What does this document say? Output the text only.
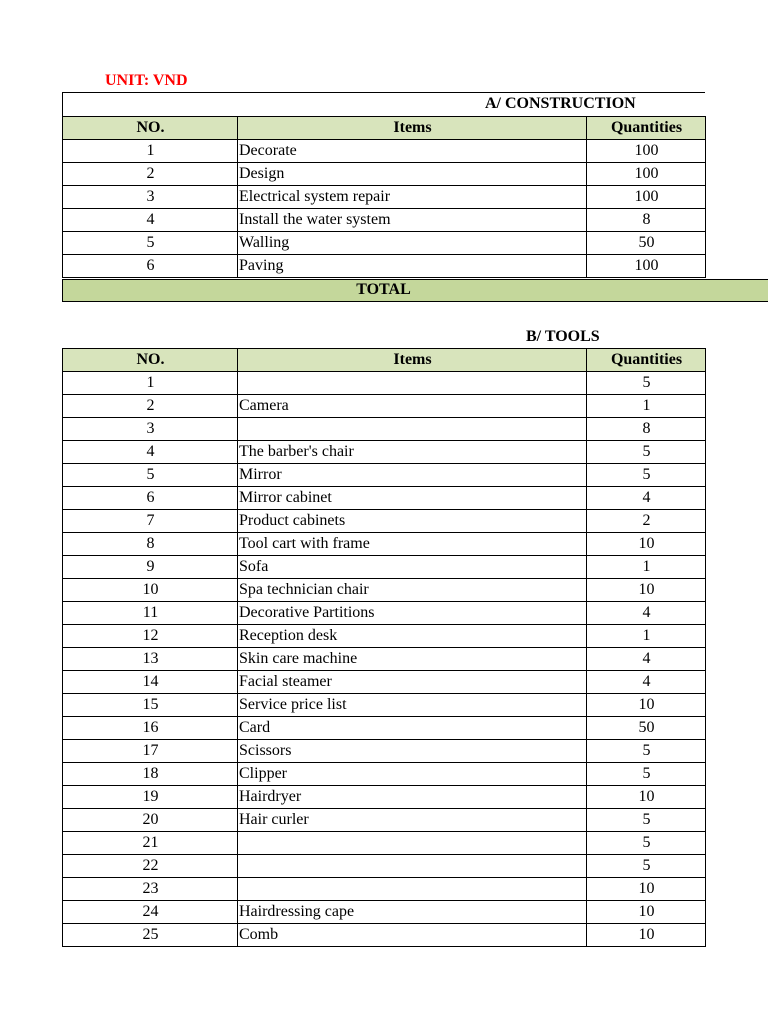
UNIT: VND
A/ CONSTRUCTION
NO.	Items	Quantities
1	Decorate	100
2	Design	100
3	Electrical system repair	100
4	Install the water system	8
5	Walling	50
6	Paving	100
TOTAL
B/ TOOLS
NO.	Items	Quantities
1		5
2	Camera	1
3		8
4	The barber's chair	5
5	Mirror	5
6	Mirror cabinet	4
7	Product cabinets	2
8	Tool cart with frame	10
9	Sofa	1
10	Spa technician chair	10
11	Decorative Partitions	4
12	Reception desk	1
13	Skin care machine	4
14	Facial steamer	4
15	Service price list	10
16	Card	50
17	Scissors	5
18	Clipper	5
19	Hairdryer	10
20	Hair curler	5
21		5
22		5
23		10
24	Hairdressing cape	10
25	Comb	10
